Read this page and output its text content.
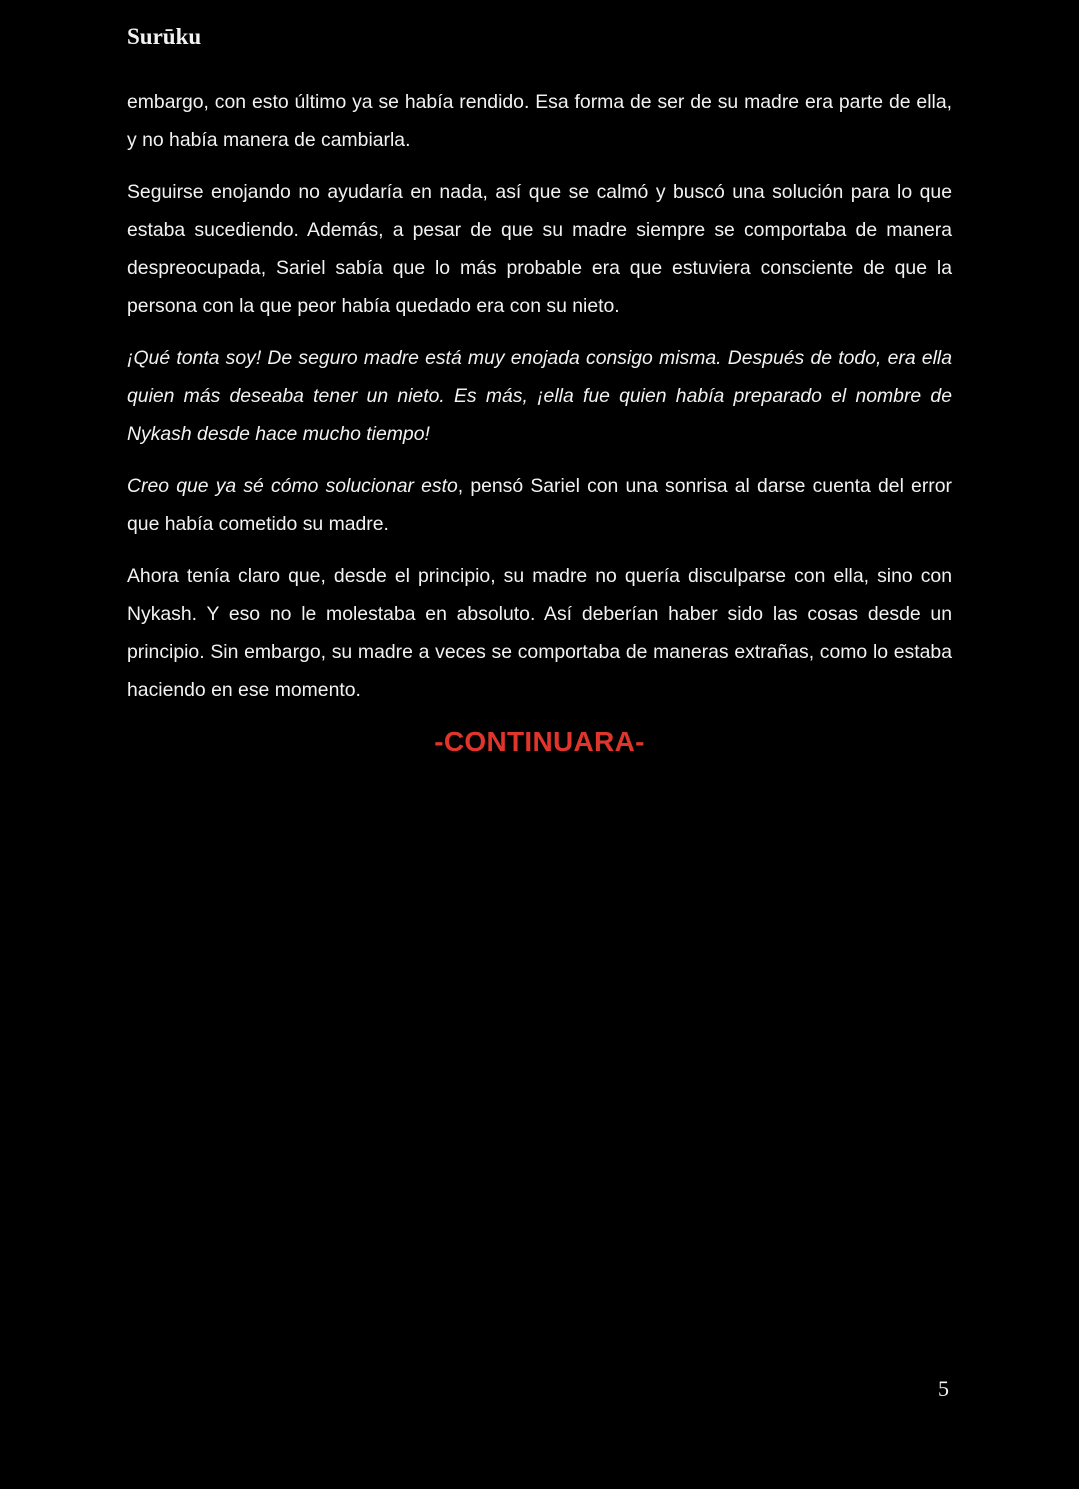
Surūku

embargo, con esto último ya se había rendido. Esa forma de ser de su madre era parte de ella, y no había manera de cambiarla.

Seguirse enojando no ayudaría en nada, así que se calmó y buscó una solución para lo que estaba sucediendo. Además, a pesar de que su madre siempre se comportaba de manera despreocupada, Sariel sabía que lo más probable era que estuviera consciente de que la persona con la que peor había quedado era con su nieto.

¡Qué tonta soy! De seguro madre está muy enojada consigo misma. Después de todo, era ella quien más deseaba tener un nieto. Es más, ¡ella fue quien había preparado el nombre de Nykash desde hace mucho tiempo!

Creo que ya sé cómo solucionar esto, pensó Sariel con una sonrisa al darse cuenta del error que había cometido su madre.

Ahora tenía claro que, desde el principio, su madre no quería disculparse con ella, sino con Nykash. Y eso no le molestaba en absoluto. Así deberían haber sido las cosas desde un principio. Sin embargo, su madre a veces se comportaba de maneras extrañas, como lo estaba haciendo en ese momento.

-CONTINUARA-
5
